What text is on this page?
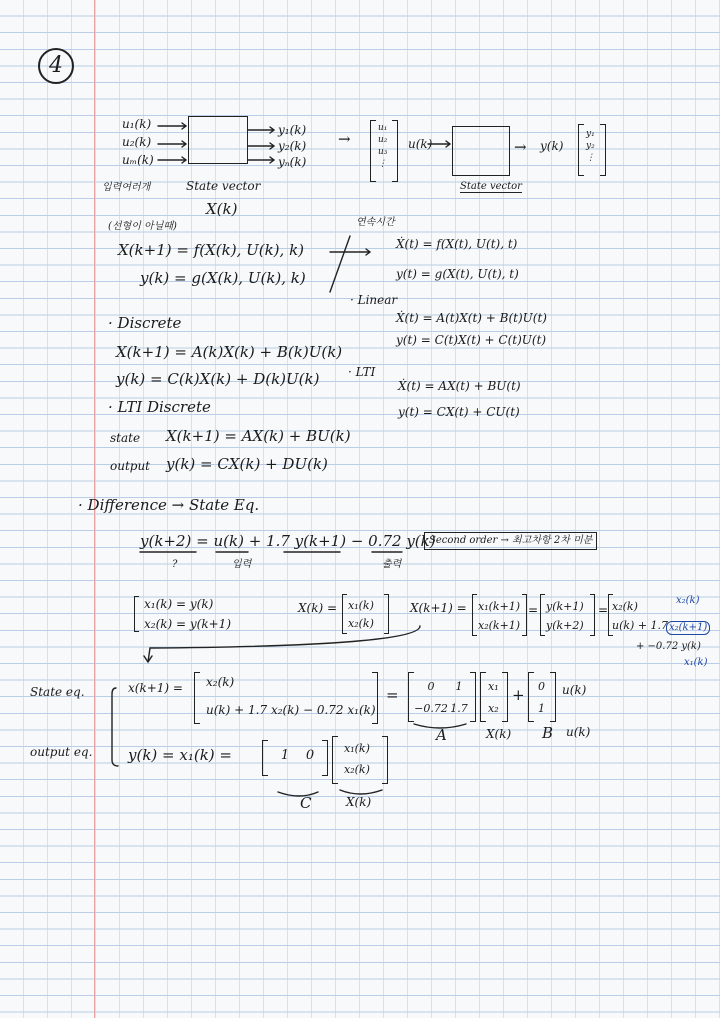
4
u₁(k)
u₂(k)
uₘ(k)
y₁(k)
y₂(k)
yₙ(k)
입력여러개	State vector
X(k)
→
u₁
u₂
u₃
⋮
u(k)	→ y(k)
y₁
y₂
⋮
State vector
(선형이 아닐때)
X(k+1) = f(X(k), U(k), k)
y(k) = g(X(k), U(k), k)
연속시간
Ẋ(t) = f(X(t), U(t), t)
y(t) = g(X(t), U(t), t)
· Linear
Ẋ(t) = A(t)X(t) + B(t)U(t)
y(t) = C(t)X(t) + C(t)U(t)
· LTI
Ẋ(t) = AX(t) + BU(t)
y(t) = CX(t) + CU(t)
· Discrete
X(k+1) = A(k)X(k) + B(k)U(k)
y(k) = C(k)X(k) + D(k)U(k)
· LTI Discrete
state X(k+1) = AX(k) + BU(k)
output y(k) = CX(k) + DU(k)
· Difference → State Eq.
y(k+2) = u(k) + 1.7 y(k+1) − 0.72 y(k)
?	입력	출력
Second order → 최고차항 2차 미분
x₁(k) = y(k)
x₂(k) = y(k+1)
X(k) = x₁(k)
x₂(k)
X(k+1) = x₁(k+1)
x₂(k+1)
= y(k+1)
y(k+2)
= x₂(k)
u(k) + 1.7
x₂(k)
x₂(k+1)
+ −0.72 y(k)
x₁(k)
State eq.	x(k+1) = x₂(k)
u(k) + 1.7 x₂(k) − 0.72 x₁(k)
=	0 1
−0.72 1.7
x₁
x₂
+ 0
1
u(k)
A	X(k) B u(k)
output eq. y(k) = x₁(k) =	1 0	x₁(k)
x₂(k)
C	X(k)
